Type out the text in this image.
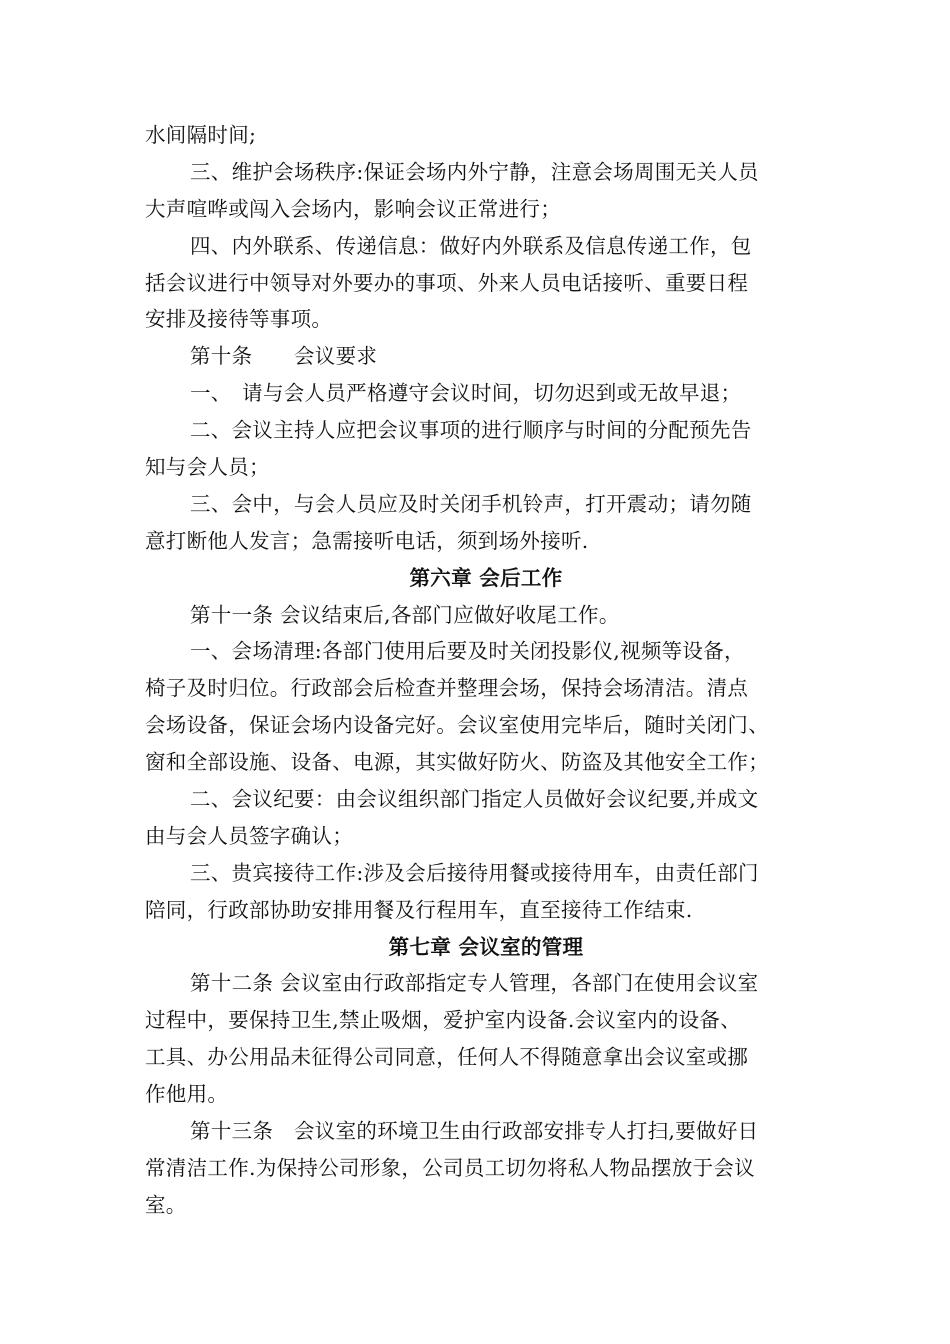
水间隔时间;
三、维护会场秩序:保证会场内外宁静，注意会场周围无关人员
大声喧哗或闯入会场内，影响会议正常进行；
四、内外联系、传递信息：做好内外联系及信息传递工作，包
括会议进行中领导对外要办的事项、外来人员电话接听、重要日程
安排及接待等事项。
第十条　　会议要求
一、　请与会人员严格遵守会议时间，切勿迟到或无故早退；
二、会议主持人应把会议事项的进行顺序与时间的分配预先告
知与会人员；
三、会中，与会人员应及时关闭手机铃声，打开震动；请勿随
意打断他人发言；急需接听电话，须到场外接听.
第六章 会后工作
第十一条 会议结束后,各部门应做好收尾工作。
一、会场清理:各部门使用后要及时关闭投影仪,视频等设备，
椅子及时归位。行政部会后检查并整理会场，保持会场清洁。清点
会场设备，保证会场内设备完好。会议室使用完毕后，随时关闭门、
窗和全部设施、设备、电源，其实做好防火、防盗及其他安全工作；
二、会议纪要：由会议组织部门指定人员做好会议纪要,并成文
由与会人员签字确认；
三、贵宾接待工作:涉及会后接待用餐或接待用车，由责任部门
陪同，行政部协助安排用餐及行程用车，直至接待工作结束.
第七章 会议室的管理
第十二条 会议室由行政部指定专人管理，各部门在使用会议室
过程中，要保持卫生,禁止吸烟，爱护室内设备.会议室内的设备、
工具、办公用品未征得公司同意，任何人不得随意拿出会议室或挪
作他用。
第十三条　会议室的环境卫生由行政部安排专人打扫,要做好日
常清洁工作.为保持公司形象，公司员工切勿将私人物品摆放于会议
室。
